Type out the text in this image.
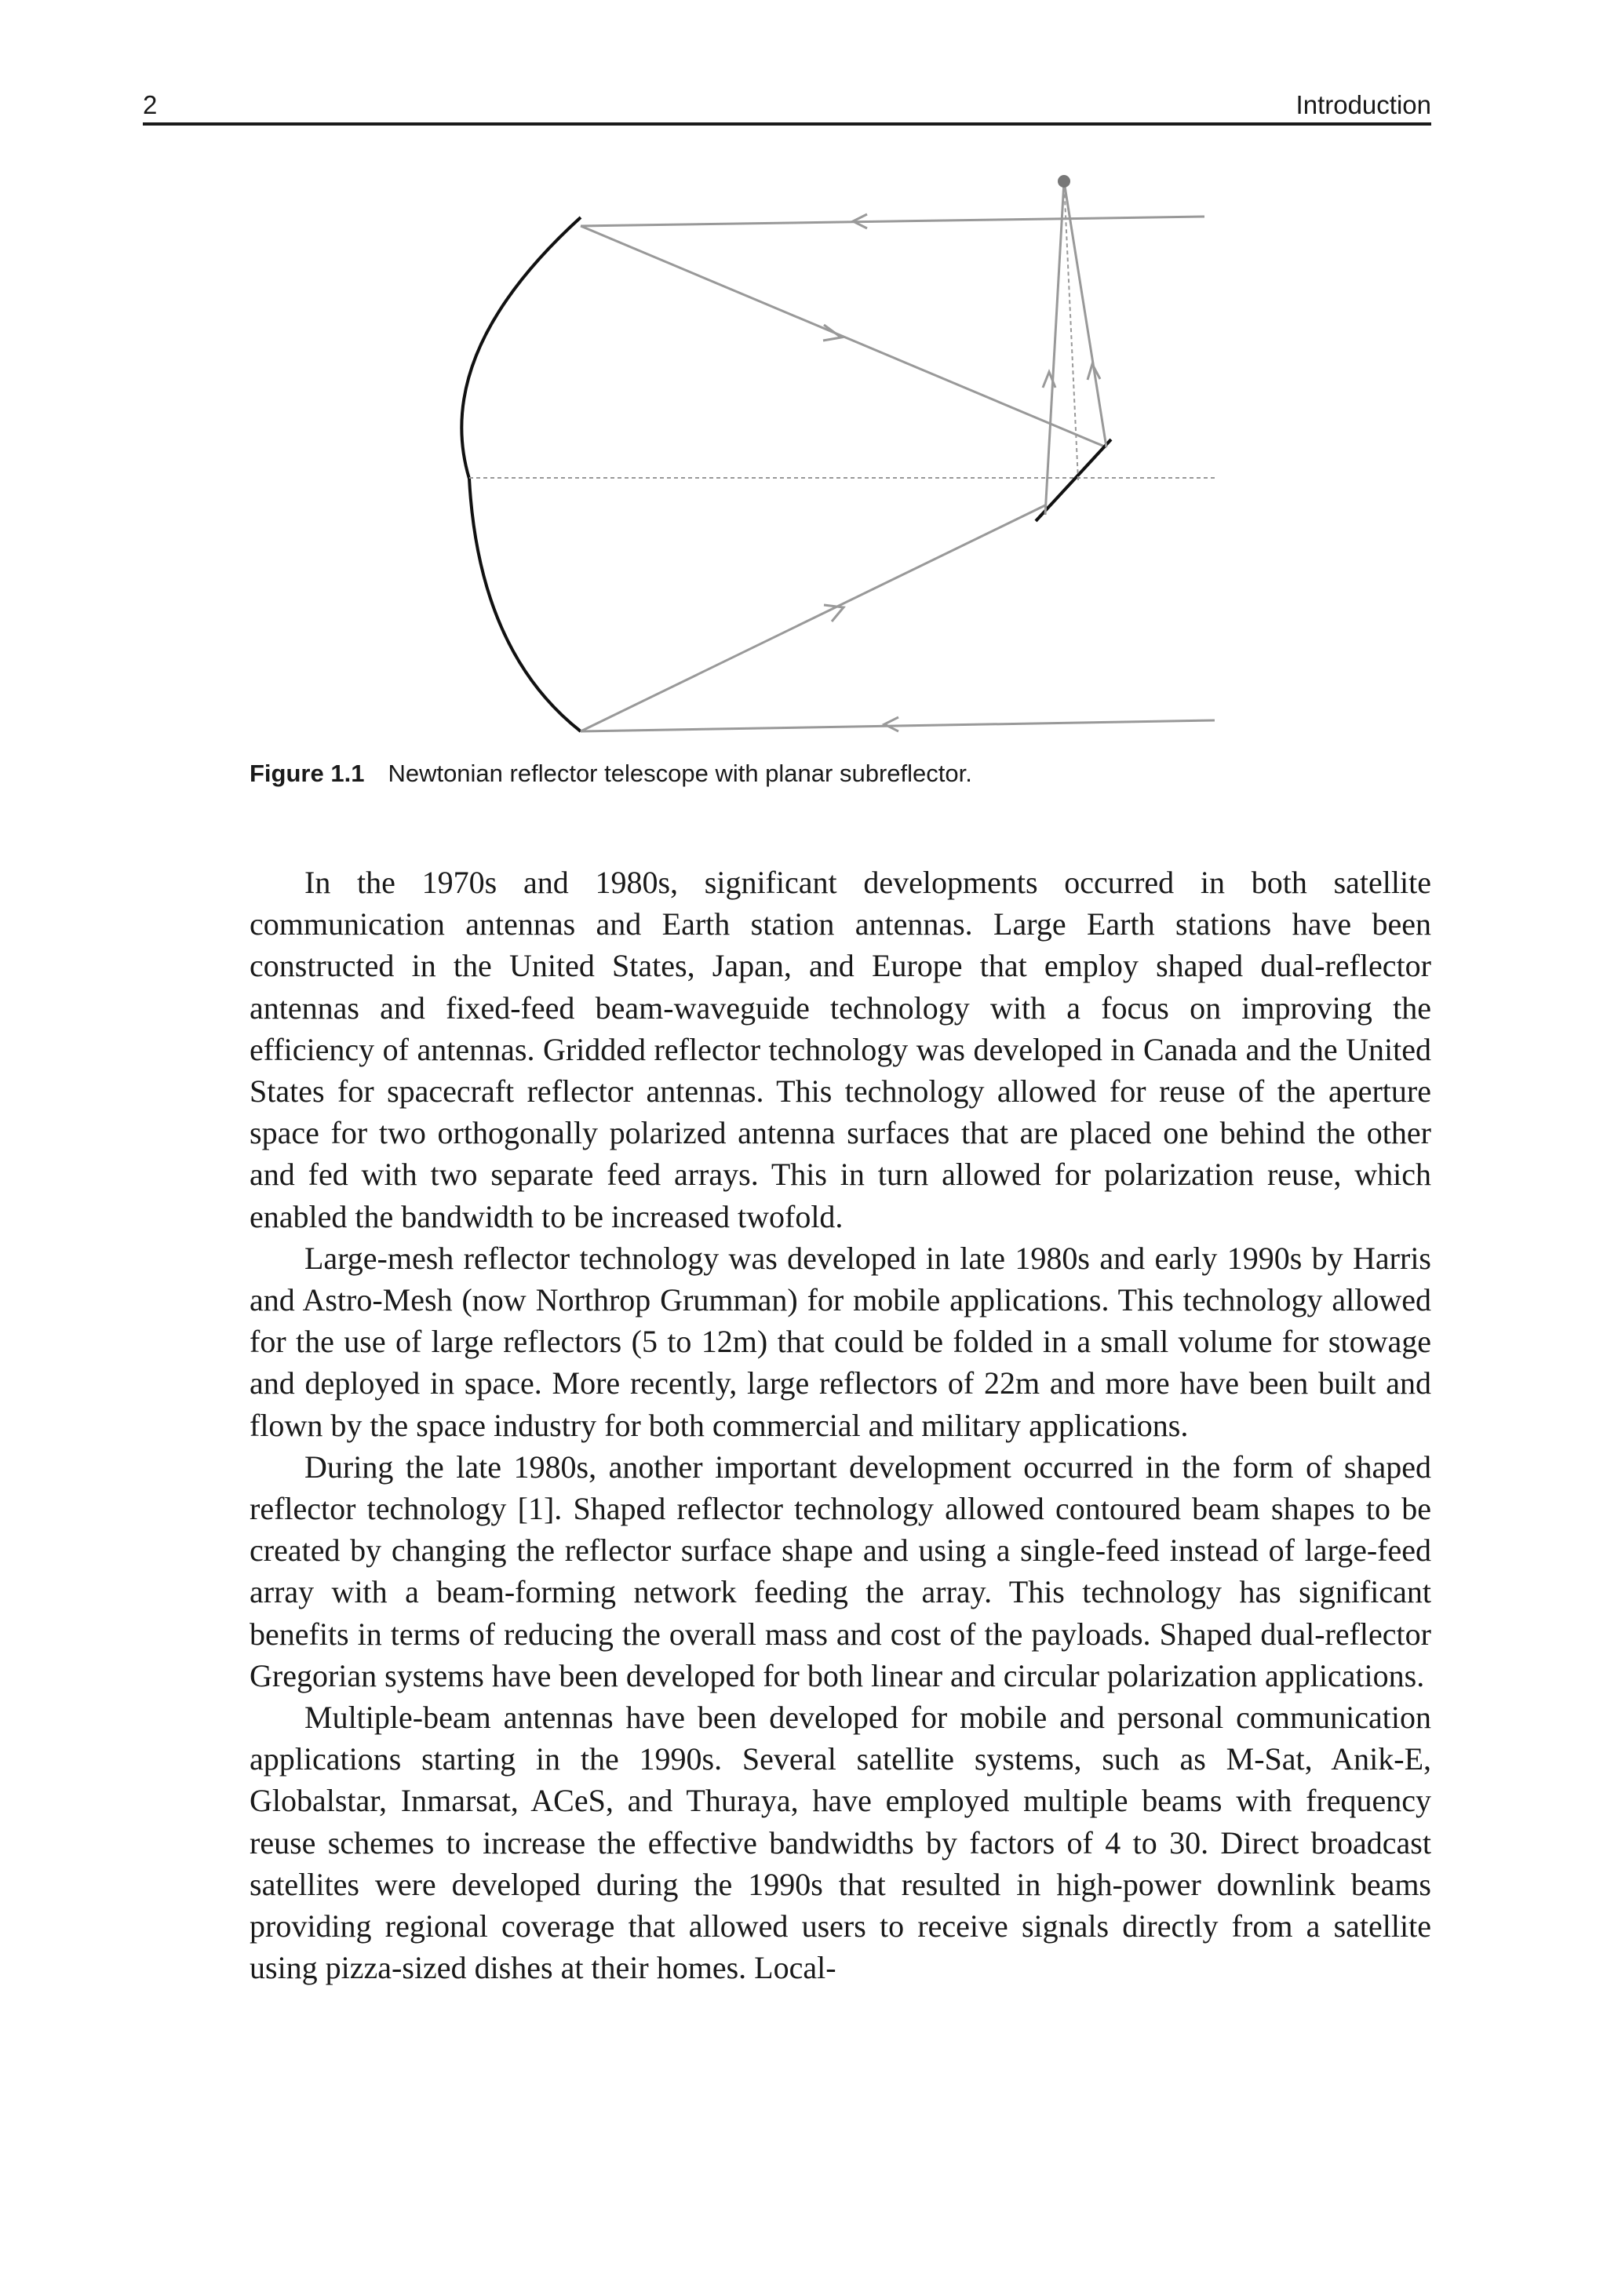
2	Introduction
Figure 1.1 Newtonian reflector telescope with planar subreflector.

In the 1970s and 1980s, significant developments occurred in both satellite communication antennas and Earth station antennas. Large Earth stations have been constructed in the United States, Japan, and Europe that employ shaped dual-reflector antennas and fixed-feed beam-waveguide technology with a focus on improving the efficiency of antennas. Gridded reflector technology was developed in Canada and the United States for spacecraft reflector antennas. This technology allowed for reuse of the aperture space for two orthogonally polarized antenna surfaces that are placed one behind the other and fed with two separate feed arrays. This in turn allowed for polarization reuse, which enabled the bandwidth to be increased twofold.

Large-mesh reflector technology was developed in late 1980s and early 1990s by Harris and Astro-Mesh (now Northrop Grumman) for mobile applications. This technology allowed for the use of large reflectors (5 to 12m) that could be folded in a small volume for stowage and deployed in space. More recently, large reflectors of 22m and more have been built and flown by the space industry for both commercial and military applications.

During the late 1980s, another important development occurred in the form of shaped reflector technology [1]. Shaped reflector technology allowed contoured beam shapes to be created by changing the reflector surface shape and using a single-feed instead of large-feed array with a beam-forming network feeding the array. This technology has significant benefits in terms of reducing the overall mass and cost of the payloads. Shaped dual-reflector Gregorian systems have been developed for both linear and circular polarization applications.

Multiple-beam antennas have been developed for mobile and personal communication applications starting in the 1990s. Several satellite systems, such as M-Sat, Anik-E, Globalstar, Inmarsat, ACeS, and Thuraya, have employed multiple beams with frequency reuse schemes to increase the effective bandwidths by factors of 4 to 30. Direct broadcast satellites were developed during the 1990s that resulted in high-power downlink beams providing regional coverage that allowed users to receive signals directly from a satellite using pizza-sized dishes at their homes. Local-
